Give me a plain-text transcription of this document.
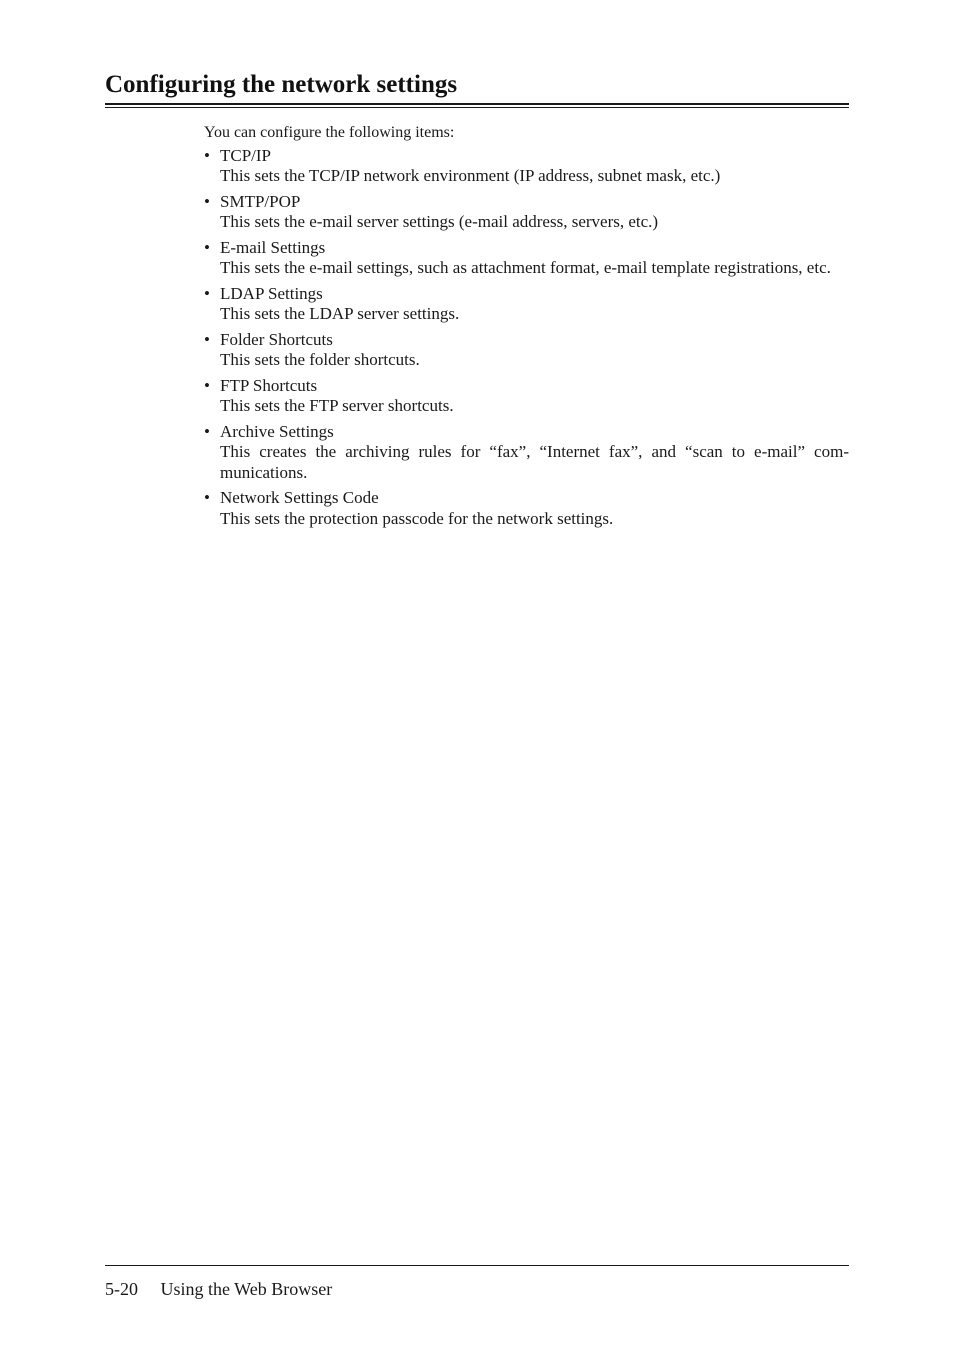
Configuring the network settings

You can configure the following items:

• TCP/IP
This sets the TCP/IP network environment (IP address, subnet mask, etc.)
• SMTP/POP
This sets the e-mail server settings (e-mail address, servers, etc.)
• E-mail Settings
This sets the e-mail settings, such as attachment format, e-mail template registrations, etc.
• LDAP Settings
This sets the LDAP server settings.
• Folder Shortcuts
This sets the folder shortcuts.
• FTP Shortcuts
This sets the FTP server shortcuts.
• Archive Settings
This creates the archiving rules for “fax”, “Internet fax”, and “scan to e-mail” communications.
• Network Settings Code
This sets the protection passcode for the network settings.
5-20 Using the Web Browser
